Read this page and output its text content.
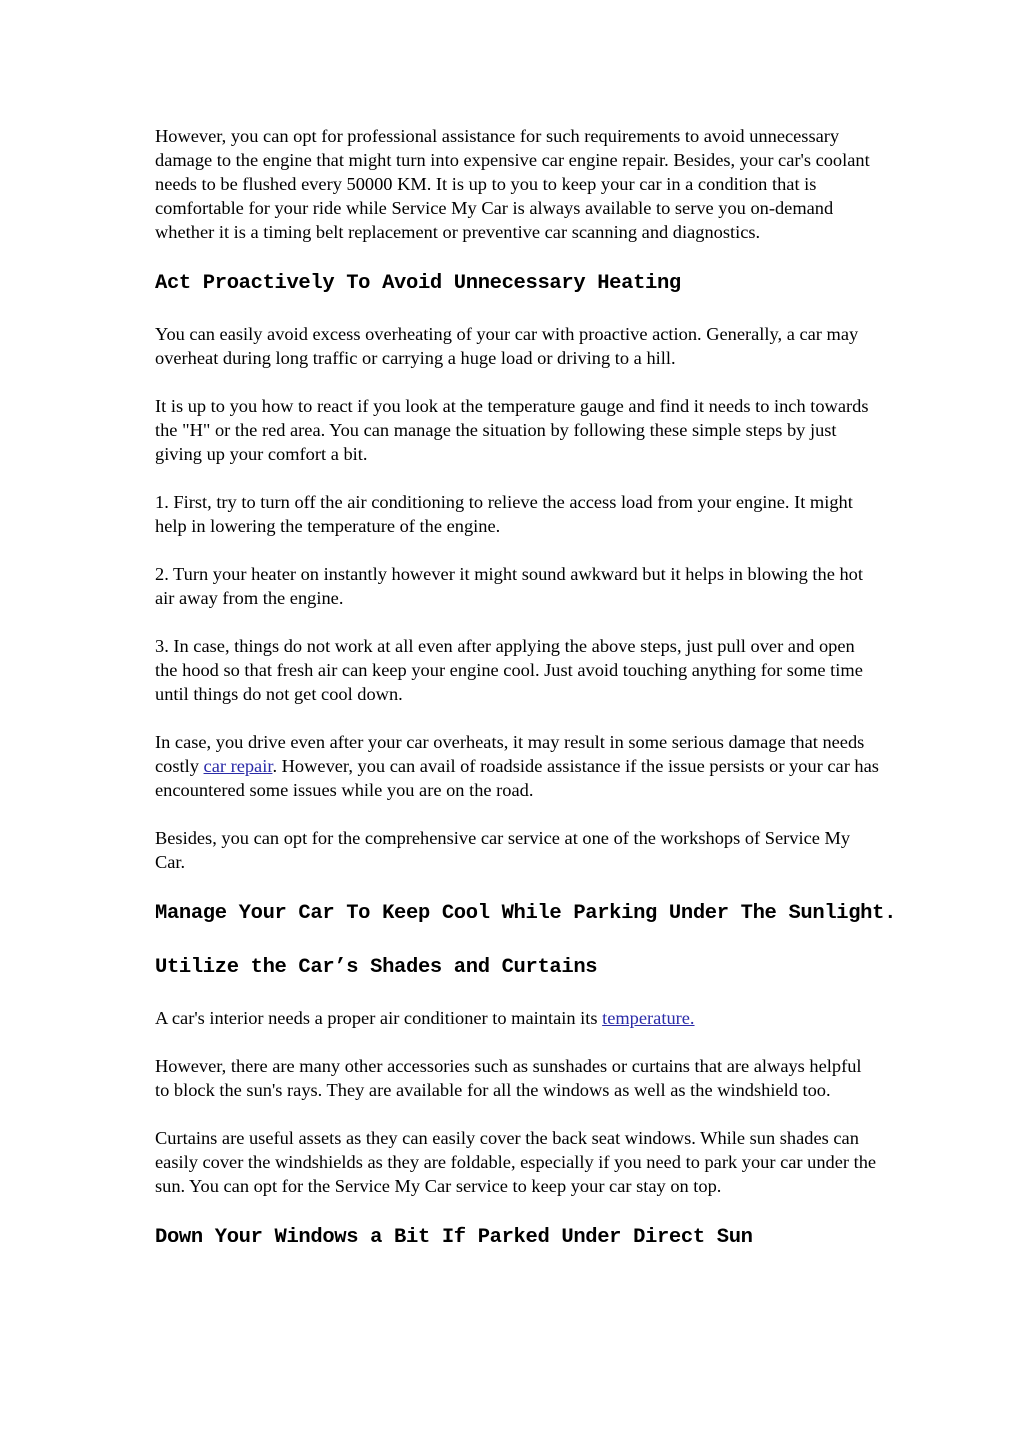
However, you can opt for professional assistance for such requirements to avoid unnecessary damage to the engine that might turn into expensive car engine repair. Besides, your car's coolant needs to be flushed every 50000 KM. It is up to you to keep your car in a condition that is comfortable for your ride while Service My Car is always available to serve you on-demand whether it is a timing belt replacement or preventive car scanning and diagnostics.

Act Proactively To Avoid Unnecessary Heating

You can easily avoid excess overheating of your car with proactive action. Generally, a car may overheat during long traffic or carrying a huge load or driving to a hill.

It is up to you how to react if you look at the temperature gauge and find it needs to inch towards the "H" or the red area. You can manage the situation by following these simple steps by just giving up your comfort a bit.

1. First, try to turn off the air conditioning to relieve the access load from your engine. It might help in lowering the temperature of the engine.

2. Turn your heater on instantly however it might sound awkward but it helps in blowing the hot air away from the engine.

3. In case, things do not work at all even after applying the above steps, just pull over and open the hood so that fresh air can keep your engine cool. Just avoid touching anything for some time until things do not get cool down.

In case, you drive even after your car overheats, it may result in some serious damage that needs costly car repair. However, you can avail of roadside assistance if the issue persists or your car has encountered some issues while you are on the road.

Besides, you can opt for the comprehensive car service at one of the workshops of Service My Car.

Manage Your Car To Keep Cool While Parking Under The Sunlight.
Utilize the Car’s Shades and Curtains

A car's interior needs a proper air conditioner to maintain its temperature.

However, there are many other accessories such as sunshades or curtains that are always helpful to block the sun's rays. They are available for all the windows as well as the windshield too.

Curtains are useful assets as they can easily cover the back seat windows. While sun shades can easily cover the windshields as they are foldable, especially if you need to park your car under the sun. You can opt for the Service My Car service to keep your car stay on top.

Down Your Windows a Bit If Parked Under Direct Sun
